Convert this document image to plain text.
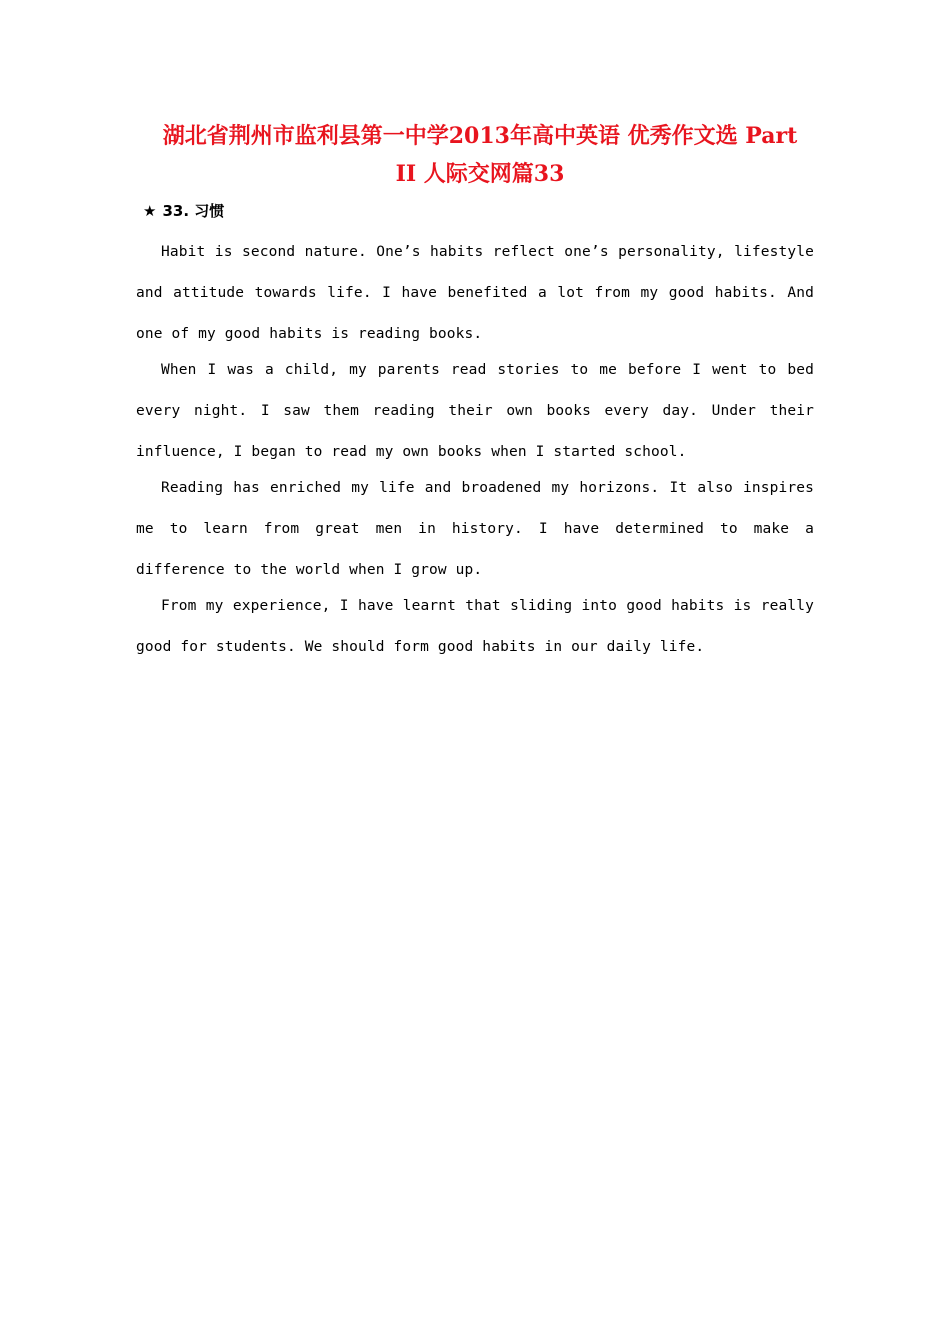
湖北省荆州市监利县第一中学2013年高中英语 优秀作文选 Part
II 人际交网篇33
★ 33. 习惯

Habit is second nature. One’s habits reflect one’s personality, lifestyle and attitude towards life. I have benefited a lot from my good habits. And one of my good habits is reading books.

When I was a child, my parents read stories to me before I went to bed every night. I saw them reading their own books every day. Under their influence, I began to read my own books when I started school.

Reading has enriched my life and broadened my horizons. It also inspires me to learn from great men in history. I have determined to make a difference to the world when I grow up.

From my experience, I have learnt that sliding into good habits is really good for students. We should form good habits in our daily life.
